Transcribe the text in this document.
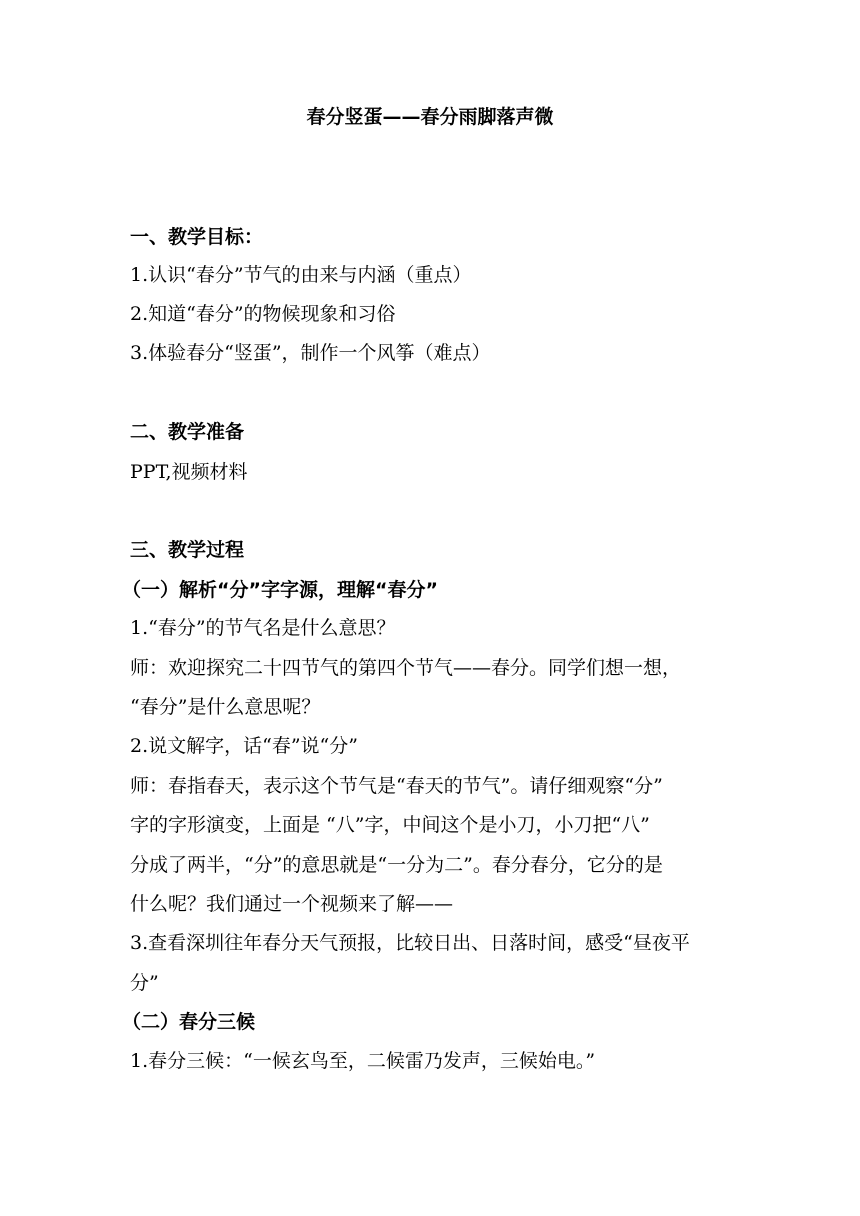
春分竖蛋——春分雨脚落声微
一、教学目标：
1.认识“春分”节气的由来与内涵（重点）
2.知道“春分”的物候现象和习俗
3.体验春分“竖蛋”，制作一个风筝（难点）
二、教学准备
PPT,视频材料
三、教学过程
（一）解析“分”字字源，理解“春分”
1.“春分”的节气名是什么意思？
师：欢迎探究二十四节气的第四个节气——春分。同学们想一想，
“春分”是什么意思呢？
2.说文解字，话“春”说“分”
师：春指春天，表示这个节气是“春天的节气”。请仔细观察“分”
字的字形演变，上面是 “八”字，中间这个是小刀，小刀把“八”
分成了两半，“分”的意思就是“一分为二”。春分春分，它分的是
什么呢？我们通过一个视频来了解——
3.查看深圳往年春分天气预报，比较日出、日落时间，感受“昼夜平
分”
（二）春分三候
1.春分三候：“一候玄鸟至，二候雷乃发声，三候始电。”
